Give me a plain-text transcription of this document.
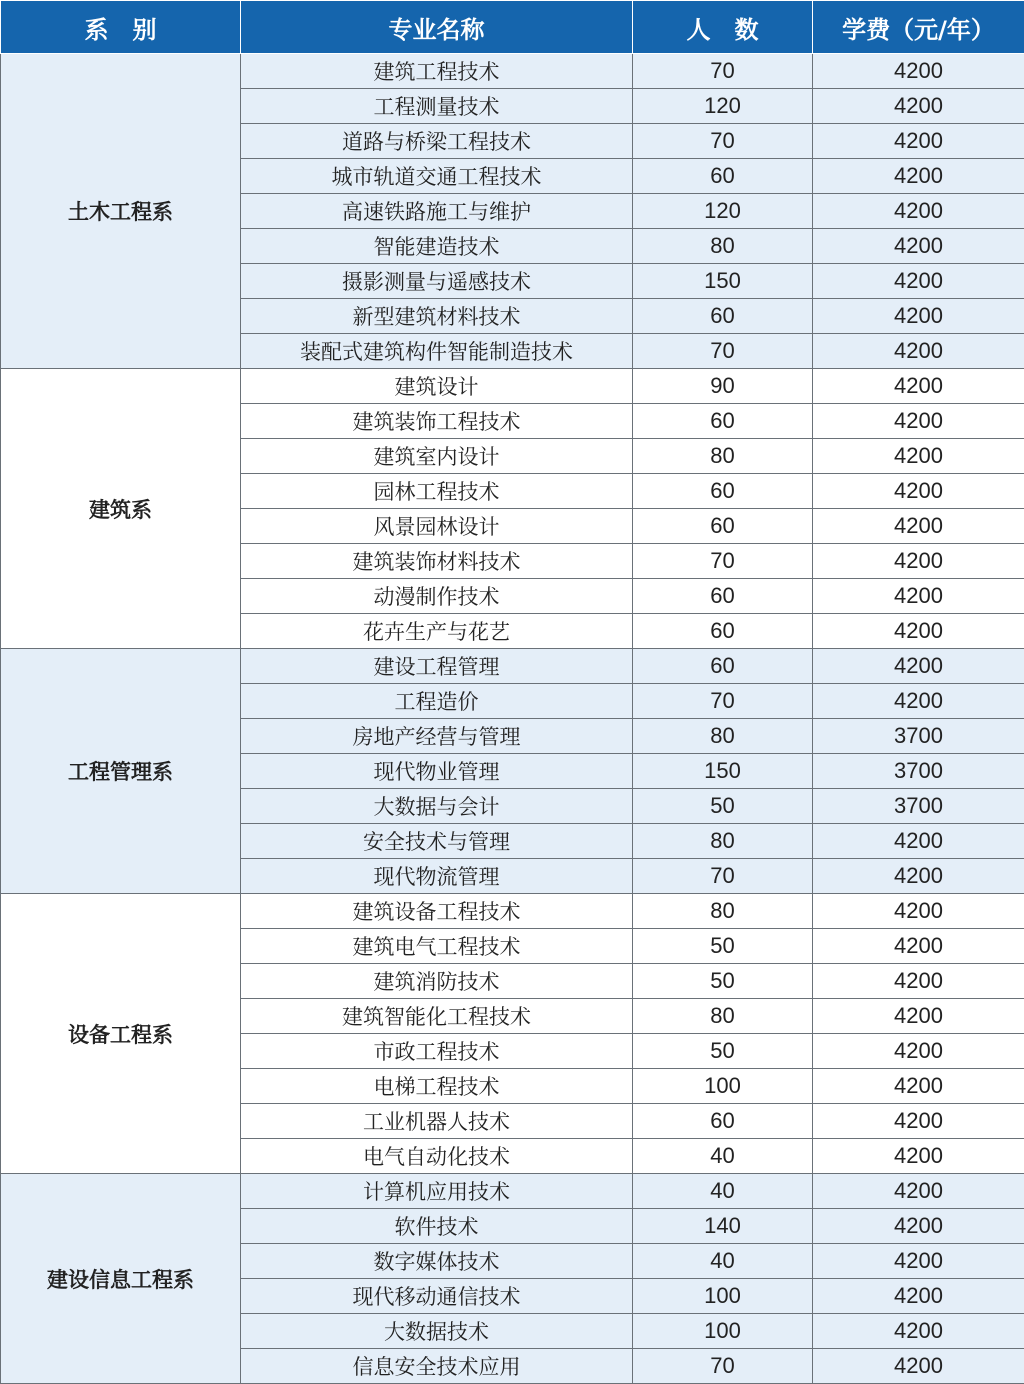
系　别	专业名称	人　数	学费（元/年）
土木工程系	建筑工程技术	70	4200
	工程测量技术	120	4200
	道路与桥梁工程技术	70	4200
	城市轨道交通工程技术	60	4200
	高速铁路施工与维护	120	4200
	智能建造技术	80	4200
	摄影测量与遥感技术	150	4200
	新型建筑材料技术	60	4200
	装配式建筑构件智能制造技术	70	4200
建筑系	建筑设计	90	4200
	建筑装饰工程技术	60	4200
	建筑室内设计	80	4200
	园林工程技术	60	4200
	风景园林设计	60	4200
	建筑装饰材料技术	70	4200
	动漫制作技术	60	4200
	花卉生产与花艺	60	4200
工程管理系	建设工程管理	60	4200
	工程造价	70	4200
	房地产经营与管理	80	3700
	现代物业管理	150	3700
	大数据与会计	50	3700
	安全技术与管理	80	4200
	现代物流管理	70	4200
设备工程系	建筑设备工程技术	80	4200
	建筑电气工程技术	50	4200
	建筑消防技术	50	4200
	建筑智能化工程技术	80	4200
	市政工程技术	50	4200
	电梯工程技术	100	4200
	工业机器人技术	60	4200
	电气自动化技术	40	4200
建设信息工程系	计算机应用技术	40	4200
	软件技术	140	4200
	数字媒体技术	40	4200
	现代移动通信技术	100	4200
	大数据技术	100	4200
	信息安全技术应用	70	4200
